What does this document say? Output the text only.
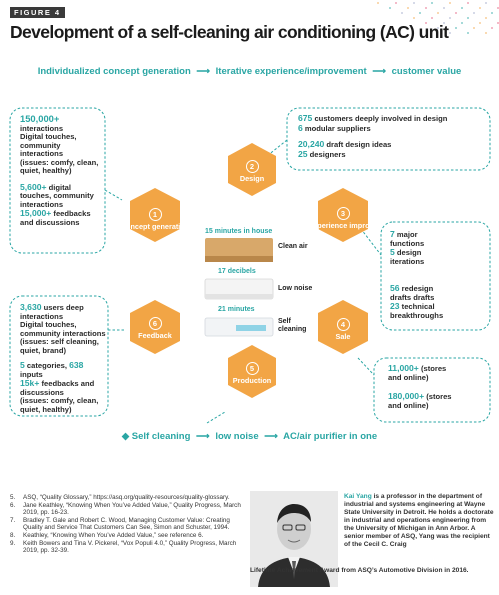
FIGURE 4
Development of a self-cleaning air conditioning (AC) unit
Individualized concept generation ⟶ Iterative experience/improvement ⟶ customer value
2
Design
1
Concept generation
3
Experience improve
6
Feedback
4
Sale
5
Production
15 minutes in house
Clean air
17 decibels
Low noise
21 minutes
Self
cleaning
150,000+
interactions
Digital touches,
community
interactions
(issues: comfy, clean,
quiet, healthy)
5,600+ digital
touches, community
interactions
15,000+ feedbacks
and discussions
675 customers deeply involved in design
6 modular suppliers
20,240 draft design ideas
25 designers
7 major
functions
5 design
iterations
56 redesign
drafts drafts
23 technical
breakthroughs
3,630 users deep
interactions
Digital touches,
community interactions
(issues: self cleaning,
quiet, brand)
5 categories, 638
inputs
15k+ feedbacks and
discussions
(issues: comfy, clean,
quiet, healthy)
11,000+ (stores
and online)
180,000+ (stores
and online)
◆ Self cleaning ⟶ low noise ⟶ AC/air purifier in one
5.	ASQ, “Quality Glossary,” https://asq.org/quality-resources/quality-glossary.
6.	Jane Keathley, “Knowing When You’ve Added Value,” Quality Progress, March 2019, pp. 16-23.
7.	Bradley T. Gale and Robert C. Wood, Managing Customer Value: Creating Quality and Service That Customers Can See, Simon and Schuster, 1994.
8.	Keathley, “Knowing When You’ve Added Value,” see reference 6.
9.	Keith Bowers and Tina V. Pickerel, “Vox Populi 4.0,” Quality Progress, March 2019, pp. 32-39.
Kai Yang is a professor in the department of industrial and systems engineering at Wayne State University in Detroit. He holds a doctorate in industrial and operations engineering from the University of Michigan in Ann Arbor. A senior member of ASQ, Yang was the recipient of the Cecil C. Craig
Lifetime Achievement Award from ASQ’s Automotive Division in 2016.
